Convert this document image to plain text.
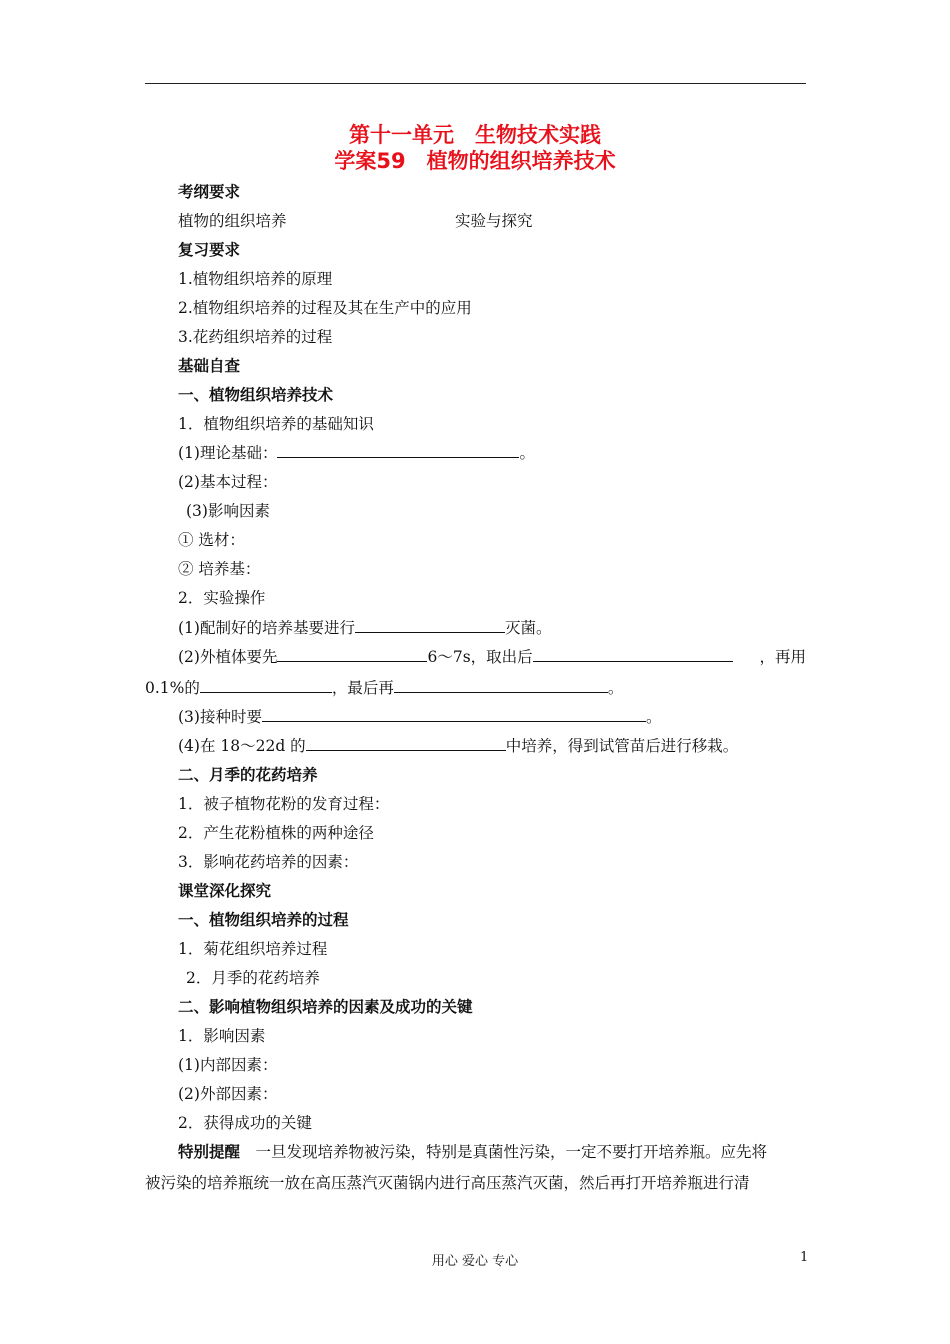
第十一单元　生物技术实践
学案59　植物的组织培养技术
考纲要求
植物的组织培养	实验与探究
复习要求
1.植物组织培养的原理
2.植物组织培养的过程及其在生产中的应用
3.花药组织培养的过程
基础自查
一、植物组织培养技术
1．植物组织培养的基础知识
(1)理论基础：	。
(2)基本过程：
(3)影响因素
① 选材：
② 培养基：
2．实验操作
(1)配制好的培养基要进行	灭菌。
(2)外植体要先	6～7s，取出后	，再用
0.1%的	，最后再	。
(3)接种时要	。
(4)在 18～22d 的	中培养，得到试管苗后进行移栽。
二、月季的花药培养
1．被子植物花粉的发育过程：
2．产生花粉植株的两种途径
3．影响花药培养的因素：
课堂深化探究
一、植物组织培养的过程
1．菊花组织培养过程
2．月季的花药培养
二、影响植物组织培养的因素及成功的关键
1．影响因素
(1)内部因素：
(2)外部因素：
2．获得成功的关键
特别提醒　一旦发现培养物被污染，特别是真菌性污染，一定不要打开培养瓶。应先将
被污染的培养瓶统一放在高压蒸汽灭菌锅内进行高压蒸汽灭菌，然后再打开培养瓶进行清
用心 爱心 专心	1
